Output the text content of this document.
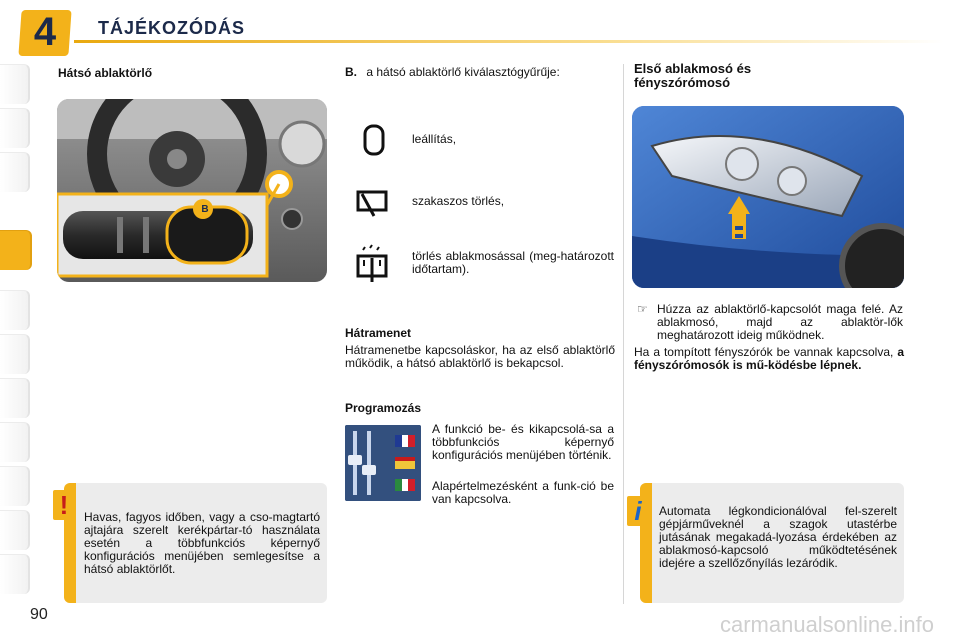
4	TÁJÉKOZÓDÁS
Hátsó ablaktörlő
B
B. a hátsó ablaktörlő kiválasztógyűrűje:
leállítás,
szakaszos törlés,
törlés ablakmosással (meg-határozott időtartam).
Hátramenet
Hátramenetbe kapcsoláskor, ha az első ablaktörlő működik, a hátsó ablaktörlő is bekapcsol.
Programozás
A funkció be- és kikapcsolá-sa a többfunkciós képernyő konfigurációs menüjében történik.
Alapértelmezésként a funk-ció be van kapcsolva.
Első ablakmosó és
fényszórómosó
☞ Húzza az ablaktörlő-kapcsolót maga felé. Az ablakmosó, majd az ablaktör-lők meghatározott ideig működnek.
Ha a tompított fényszórók be vannak kapcsolva, a fényszórómosók is mű-ködésbe lépnek.
!	Havas, fagyos időben, vagy a cso-magtartó ajtajára szerelt kerékpártar-tó használata esetén a többfunkciós képernyő konfigurációs menüjében semlegesítse a hátsó ablaktörlőt.
i	Automata légkondicionálóval fel-szerelt gépjárműveknél a szagok utastérbe jutásának megakadá-lyozása érdekében az ablakmosó-kapcsoló működtetésének idejére a szellőzőnyílás lezáródik.
90	carmanualsonline.info
